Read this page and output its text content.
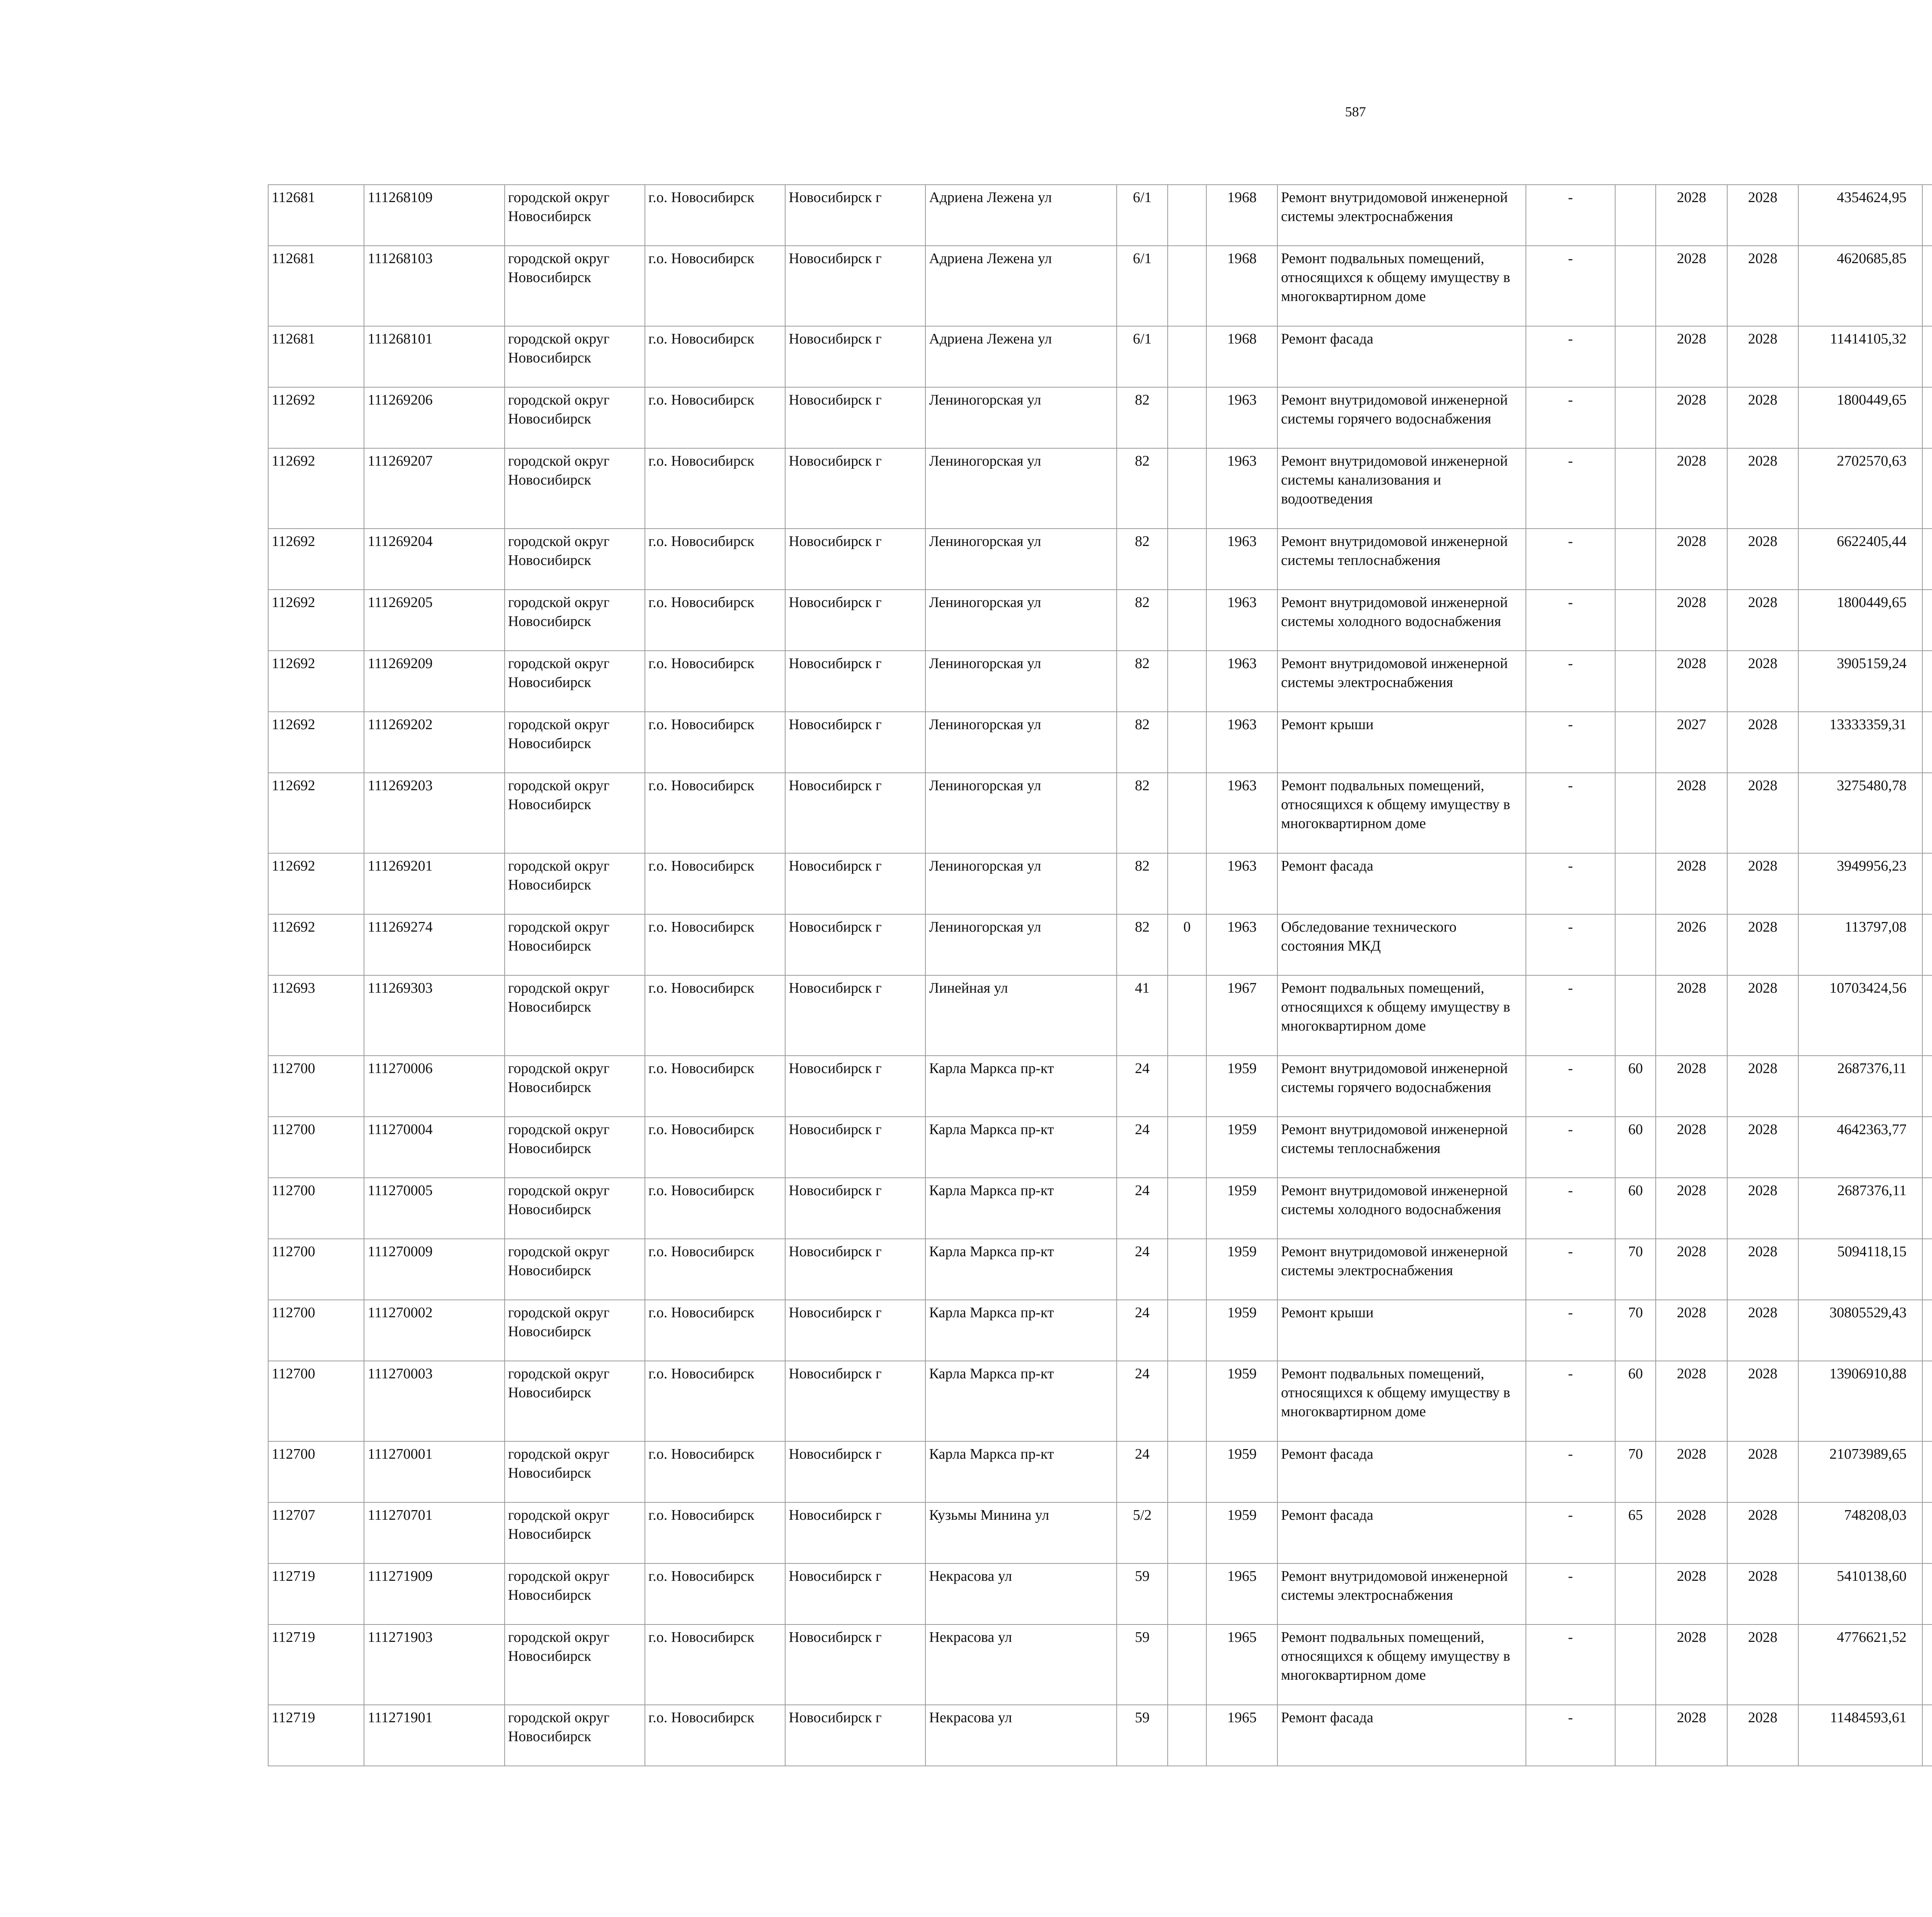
587
112681	111268109	городской округ Новосибирск	г.о. Новосибирск	Новосибирск г	Адриена Лежена ул	6/1		1968	Ремонт внутридомовой инженерной системы электроснабжения	-		2028	2028	4354624,95					
112681	111268103	городской округ Новосибирск	г.о. Новосибирск	Новосибирск г	Адриена Лежена ул	6/1		1968	Ремонт подвальных помещений, относящихся к общему имуществу в многоквартирном доме	-		2028	2028	4620685,85					
112681	111268101	городской округ Новосибирск	г.о. Новосибирск	Новосибирск г	Адриена Лежена ул	6/1		1968	Ремонт фасада	-		2028	2028	11414105,32					
112692	111269206	городской округ Новосибирск	г.о. Новосибирск	Новосибирск г	Лениногорская ул	82		1963	Ремонт внутридомовой инженерной системы горячего водоснабжения	-		2028	2028	1800449,65					
112692	111269207	городской округ Новосибирск	г.о. Новосибирск	Новосибирск г	Лениногорская ул	82		1963	Ремонт внутридомовой инженерной системы канализования и водоотведения	-		2028	2028	2702570,63					
112692	111269204	городской округ Новосибирск	г.о. Новосибирск	Новосибирск г	Лениногорская ул	82		1963	Ремонт внутридомовой инженерной системы теплоснабжения	-		2028	2028	6622405,44					
112692	111269205	городской округ Новосибирск	г.о. Новосибирск	Новосибирск г	Лениногорская ул	82		1963	Ремонт внутридомовой инженерной системы холодного водоснабжения	-		2028	2028	1800449,65					
112692	111269209	городской округ Новосибирск	г.о. Новосибирск	Новосибирск г	Лениногорская ул	82		1963	Ремонт внутридомовой инженерной системы электроснабжения	-		2028	2028	3905159,24					
112692	111269202	городской округ Новосибирск	г.о. Новосибирск	Новосибирск г	Лениногорская ул	82		1963	Ремонт крыши	-		2027	2028	13333359,31					
112692	111269203	городской округ Новосибирск	г.о. Новосибирск	Новосибирск г	Лениногорская ул	82		1963	Ремонт подвальных помещений, относящихся к общему имуществу в многоквартирном доме	-		2028	2028	3275480,78					
112692	111269201	городской округ Новосибирск	г.о. Новосибирск	Новосибирск г	Лениногорская ул	82		1963	Ремонт фасада	-		2028	2028	3949956,23					
112692	111269274	городской округ Новосибирск	г.о. Новосибирск	Новосибирск г	Лениногорская ул	82	0	1963	Обследование технического состояния МКД	-		2026	2028	113797,08					
112693	111269303	городской округ Новосибирск	г.о. Новосибирск	Новосибирск г	Линейная ул	41		1967	Ремонт подвальных помещений, относящихся к общему имуществу в многоквартирном доме	-		2028	2028	10703424,56					
112700	111270006	городской округ Новосибирск	г.о. Новосибирск	Новосибирск г	Карла Маркса пр-кт	24		1959	Ремонт внутридомовой инженерной системы горячего водоснабжения	-	60	2028	2028	2687376,11					
112700	111270004	городской округ Новосибирск	г.о. Новосибирск	Новосибирск г	Карла Маркса пр-кт	24		1959	Ремонт внутридомовой инженерной системы теплоснабжения	-	60	2028	2028	4642363,77					
112700	111270005	городской округ Новосибирск	г.о. Новосибирск	Новосибирск г	Карла Маркса пр-кт	24		1959	Ремонт внутридомовой инженерной системы холодного водоснабжения	-	60	2028	2028	2687376,11					
112700	111270009	городской округ Новосибирск	г.о. Новосибирск	Новосибирск г	Карла Маркса пр-кт	24		1959	Ремонт внутридомовой инженерной системы электроснабжения	-	70	2028	2028	5094118,15					
112700	111270002	городской округ Новосибирск	г.о. Новосибирск	Новосибирск г	Карла Маркса пр-кт	24		1959	Ремонт крыши	-	70	2028	2028	30805529,43					
112700	111270003	городской округ Новосибирск	г.о. Новосибирск	Новосибирск г	Карла Маркса пр-кт	24		1959	Ремонт подвальных помещений, относящихся к общему имуществу в многоквартирном доме	-	60	2028	2028	13906910,88					
112700	111270001	городской округ Новосибирск	г.о. Новосибирск	Новосибирск г	Карла Маркса пр-кт	24		1959	Ремонт фасада	-	70	2028	2028	21073989,65					
112707	111270701	городской округ Новосибирск	г.о. Новосибирск	Новосибирск г	Кузьмы Минина ул	5/2		1959	Ремонт фасада	-	65	2028	2028	748208,03					
112719	111271909	городской округ Новосибирск	г.о. Новосибирск	Новосибирск г	Некрасова ул	59		1965	Ремонт внутридомовой инженерной системы электроснабжения	-		2028	2028	5410138,60					
112719	111271903	городской округ Новосибирск	г.о. Новосибирск	Новосибирск г	Некрасова ул	59		1965	Ремонт подвальных помещений, относящихся к общему имуществу в многоквартирном доме	-		2028	2028	4776621,52					
112719	111271901	городской округ Новосибирск	г.о. Новосибирск	Новосибирск г	Некрасова ул	59		1965	Ремонт фасада	-		2028	2028	11484593,61					
